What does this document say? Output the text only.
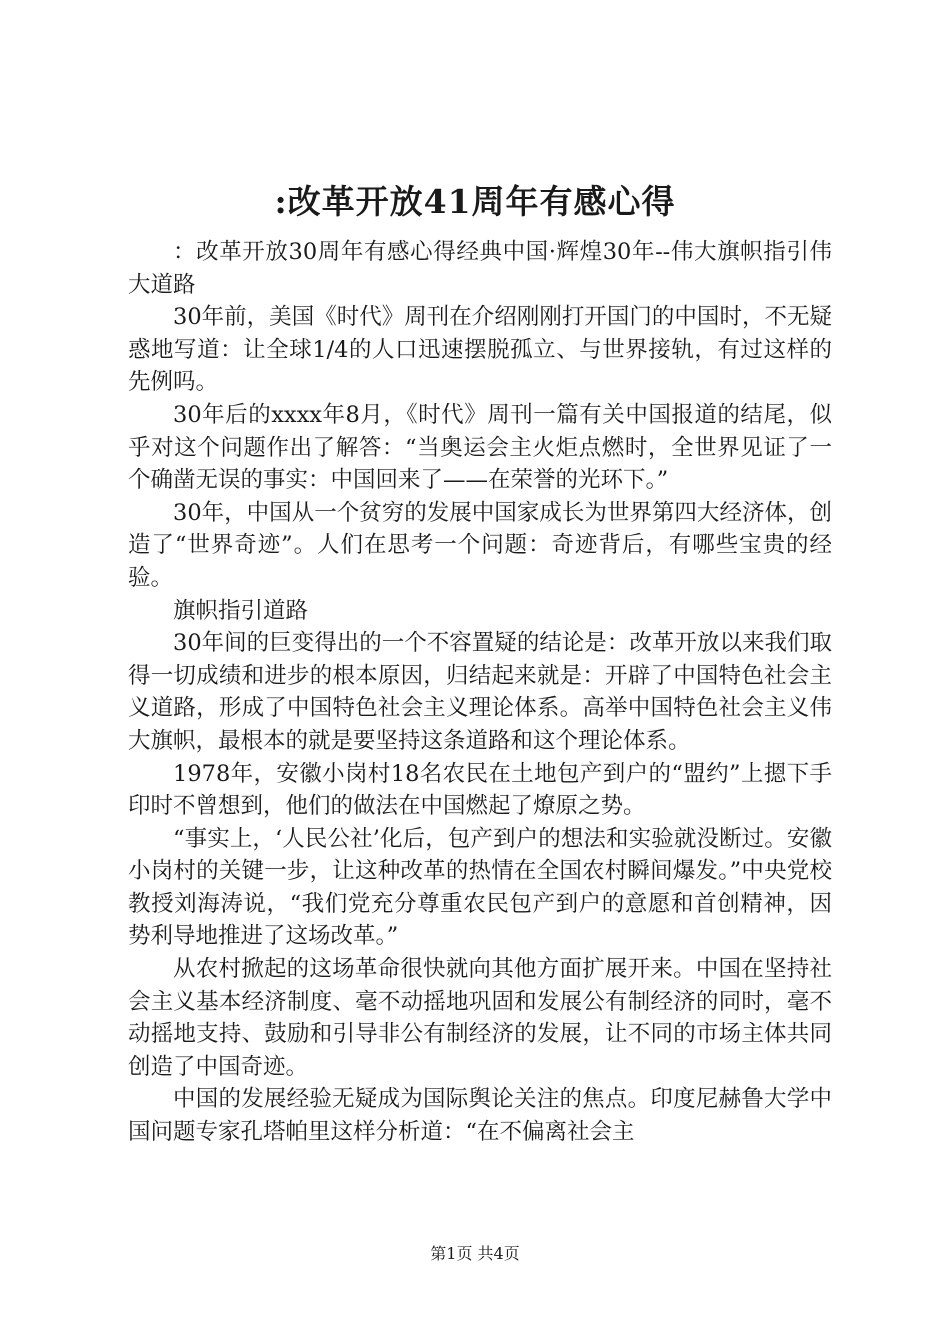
:改革开放41周年有感心得

：改革开放30周年有感心得经典中国·辉煌30年--伟大旗帜指引伟大道路

30年前，美国《时代》周刊在介绍刚刚打开国门的中国时，不无疑惑地写道：让全球1/4的人口迅速摆脱孤立、与世界接轨，有过这样的先例吗。

30年后的xxxx年8月，《时代》周刊一篇有关中国报道的结尾，似乎对这个问题作出了解答：“当奥运会主火炬点燃时，全世界见证了一个确凿无误的事实：中国回来了——在荣誉的光环下。”

30年，中国从一个贫穷的发展中国家成长为世界第四大经济体，创造了“世界奇迹”。人们在思考一个问题：奇迹背后，有哪些宝贵的经验。

旗帜指引道路

30年间的巨变得出的一个不容置疑的结论是：改革开放以来我们取得一切成绩和进步的根本原因，归结起来就是：开辟了中国特色社会主义道路，形成了中国特色社会主义理论体系。高举中国特色社会主义伟大旗帜，最根本的就是要坚持这条道路和这个理论体系。

1978年，安徽小岗村18名农民在土地包产到户的“盟约”上摁下手印时不曾想到，他们的做法在中国燃起了燎原之势。

“事实上，‘人民公社’化后，包产到户的想法和实验就没断过。安徽小岗村的关键一步，让这种改革的热情在全国农村瞬间爆发。”中央党校教授刘海涛说，“我们党充分尊重农民包产到户的意愿和首创精神，因势利导地推进了这场改革。”

从农村掀起的这场革命很快就向其他方面扩展开来。中国在坚持社会主义基本经济制度、毫不动摇地巩固和发展公有制经济的同时，毫不动摇地支持、鼓励和引导非公有制经济的发展，让不同的市场主体共同创造了中国奇迹。

中国的发展经验无疑成为国际舆论关注的焦点。印度尼赫鲁大学中国问题专家孔塔帕里这样分析道：“在不偏离社会主

第1页 共4页
